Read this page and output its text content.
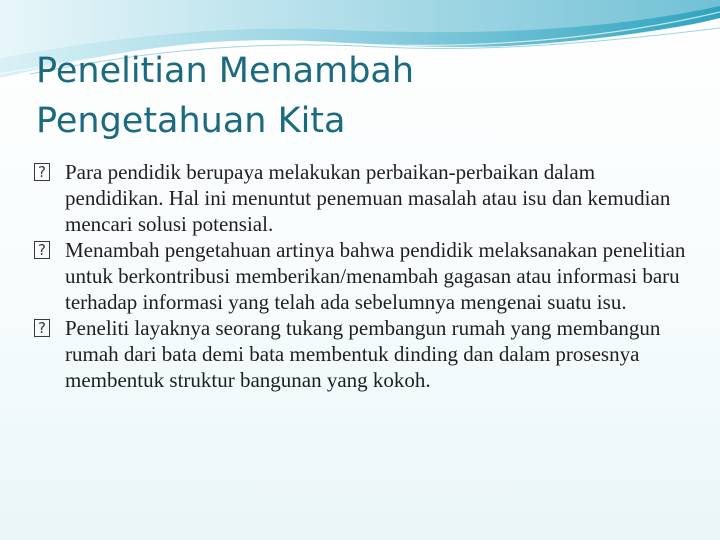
Penelitian Menambah
Pengetahuan Kita
? Para pendidik berupaya melakukan perbaikan-perbaikan dalam pendidikan. Hal ini menuntut penemuan masalah atau isu dan kemudian mencari solusi potensial.
? Menambah pengetahuan artinya bahwa pendidik melaksanakan penelitian untuk berkontribusi memberikan/menambah gagasan atau informasi baru terhadap informasi yang telah ada sebelumnya mengenai suatu isu.
? Peneliti layaknya seorang tukang pembangun rumah yang membangun rumah dari bata demi bata membentuk dinding dan dalam prosesnya membentuk struktur bangunan yang kokoh.
